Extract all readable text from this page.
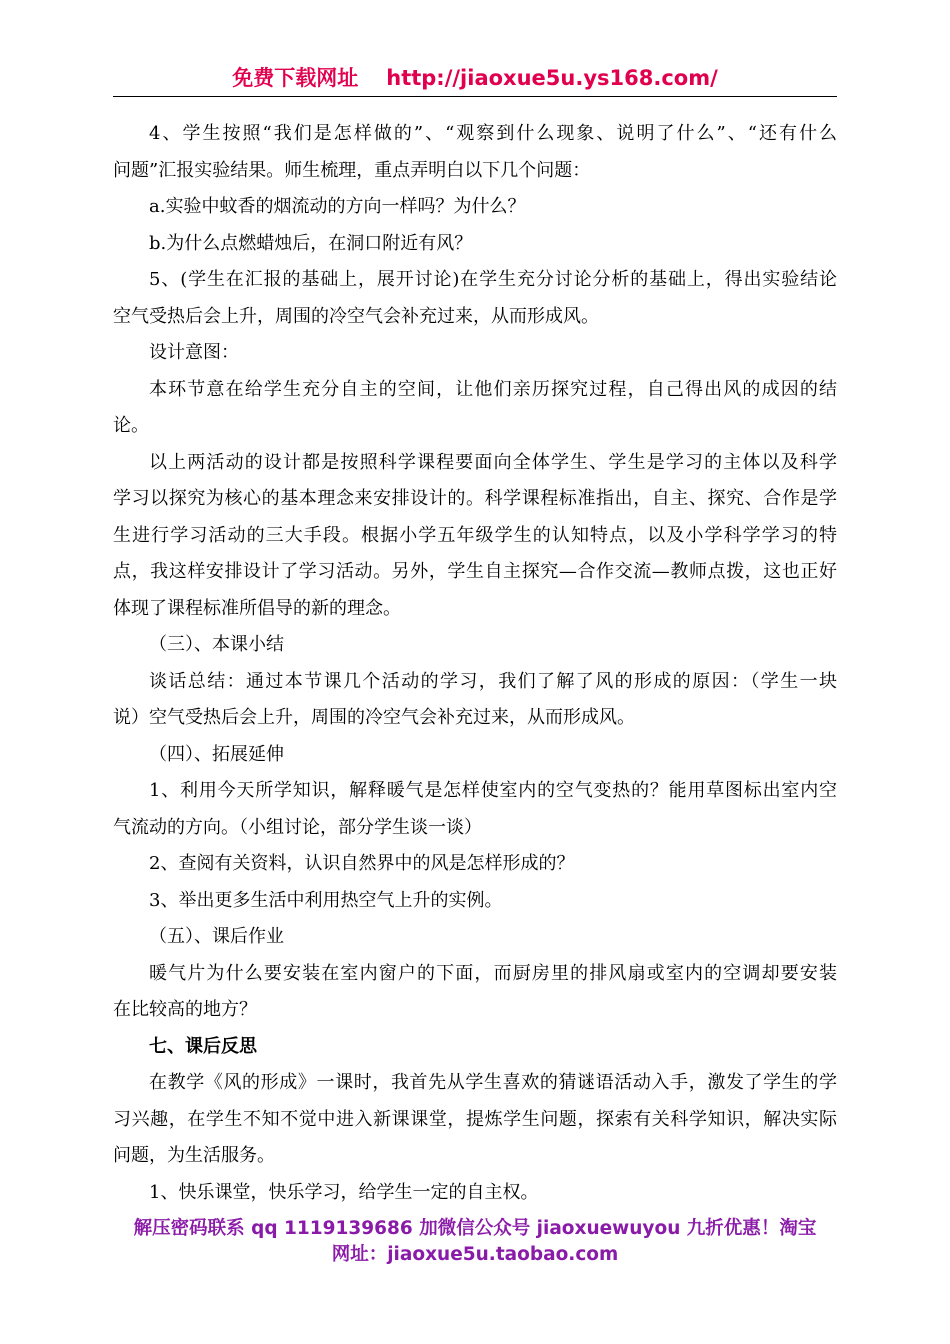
免费下载网址 http://jiaoxue5u.ys168.com/
4、学生按照“我们是怎样做的”、“观察到什么现象、说明了什么”、“还有什么
问题”汇报实验结果。师生梳理，重点弄明白以下几个问题：
a.实验中蚊香的烟流动的方向一样吗？为什么？
b.为什么点燃蜡烛后，在洞口附近有风？
5、(学生在汇报的基础上，展开讨论)在学生充分讨论分析的基础上，得出实验结论
空气受热后会上升，周围的冷空气会补充过来，从而形成风。
设计意图：
本环节意在给学生充分自主的空间，让他们亲历探究过程，自己得出风的成因的结
论。
以上两活动的设计都是按照科学课程要面向全体学生、学生是学习的主体以及科学
学习以探究为核心的基本理念来安排设计的。科学课程标准指出，自主、探究、合作是学
生进行学习活动的三大手段。根据小学五年级学生的认知特点，以及小学科学学习的特
点，我这样安排设计了学习活动。另外，学生自主探究—合作交流—教师点拨，这也正好
体现了课程标准所倡导的新的理念。
（三）、本课小结
谈话总结：通过本节课几个活动的学习，我们了解了风的形成的原因：（学生一块
说）空气受热后会上升，周围的冷空气会补充过来，从而形成风。
（四）、拓展延伸
1、利用今天所学知识，解释暖气是怎样使室内的空气变热的？能用草图标出室内空
气流动的方向。（小组讨论，部分学生谈一谈）
2、查阅有关资料，认识自然界中的风是怎样形成的？
3、举出更多生活中利用热空气上升的实例。
（五）、课后作业
暖气片为什么要安装在室内窗户的下面，而厨房里的排风扇或室内的空调却要安装
在比较高的地方？
七、课后反思
在教学《风的形成》一课时，我首先从学生喜欢的猜谜语活动入手，激发了学生的学
习兴趣，在学生不知不觉中进入新课课堂，提炼学生问题，探索有关科学知识，解决实际
问题，为生活服务。
1、快乐课堂，快乐学习，给学生一定的自主权。
解压密码联系 qq 1119139686 加微信公众号 jiaoxuewuyou 九折优惠！淘宝
网址：jiaoxue5u.taobao.com
